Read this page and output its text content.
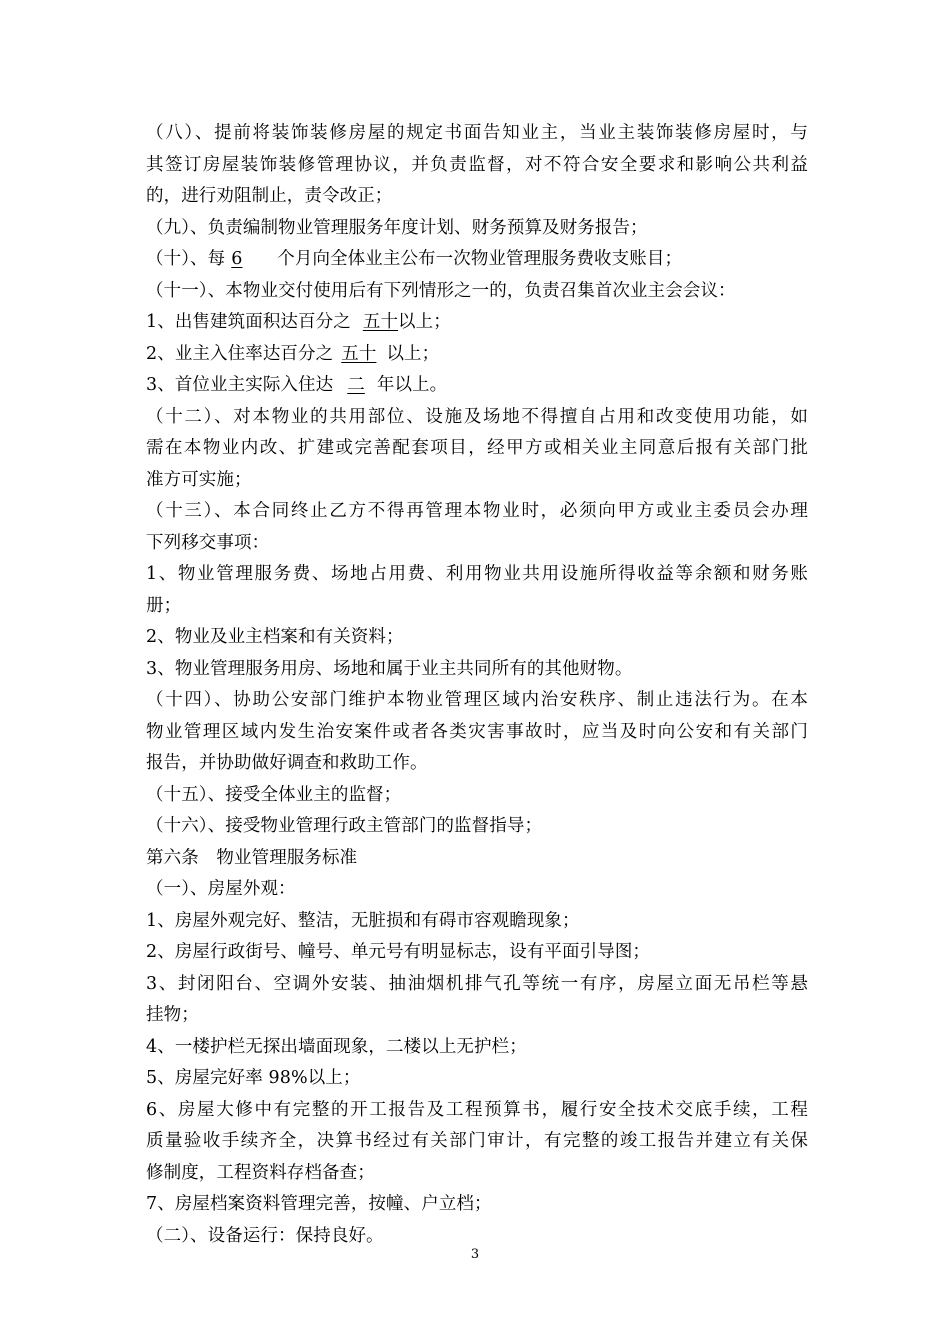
（八）、提前将装饰装修房屋的规定书面告知业主，当业主装饰装修房屋时，与

其签订房屋装饰装修管理协议，并负责监督，对不符合安全要求和影响公共利益

的，进行劝阻制止，责令改正；

（九）、负责编制物业管理服务年度计划、财务预算及财务报告；

（十）、每 6 个月向全体业主公布一次物业管理服务费收支账目；

（十一）、本物业交付使用后有下列情形之一的，负责召集首次业主会会议：

1、出售建筑面积达百分之 五十以上；

2、业主入住率达百分之 五十 以上；

3、首位业主实际入住达 二 年以上。

（十二）、对本物业的共用部位、设施及场地不得擅自占用和改变使用功能，如

需在本物业内改、扩建或完善配套项目，经甲方或相关业主同意后报有关部门批

准方可实施；

（十三）、本合同终止乙方不得再管理本物业时，必须向甲方或业主委员会办理

下列移交事项：

1、物业管理服务费、场地占用费、利用物业共用设施所得收益等余额和财务账

册；

2、物业及业主档案和有关资料；

3、物业管理服务用房、场地和属于业主共同所有的其他财物。

（十四）、协助公安部门维护本物业管理区域内治安秩序、制止违法行为。在本

物业管理区域内发生治安案件或者各类灾害事故时，应当及时向公安和有关部门

报告，并协助做好调查和救助工作。

（十五）、接受全体业主的监督；

（十六）、接受物业管理行政主管部门的监督指导；

第六条　物业管理服务标准

（一）、房屋外观：

1、房屋外观完好、整洁，无脏损和有碍市容观瞻现象；

2、房屋行政街号、幢号、单元号有明显标志，设有平面引导图；

3、封闭阳台、空调外安装、抽油烟机排气孔等统一有序，房屋立面无吊栏等悬

挂物；

4、一楼护栏无探出墙面现象，二楼以上无护栏；

5、房屋完好率 98%以上；

6、房屋大修中有完整的开工报告及工程预算书，履行安全技术交底手续，工程

质量验收手续齐全，决算书经过有关部门审计，有完整的竣工报告并建立有关保

修制度，工程资料存档备查；

7、房屋档案资料管理完善，按幢、户立档；

（二）、设备运行：保持良好。

3
